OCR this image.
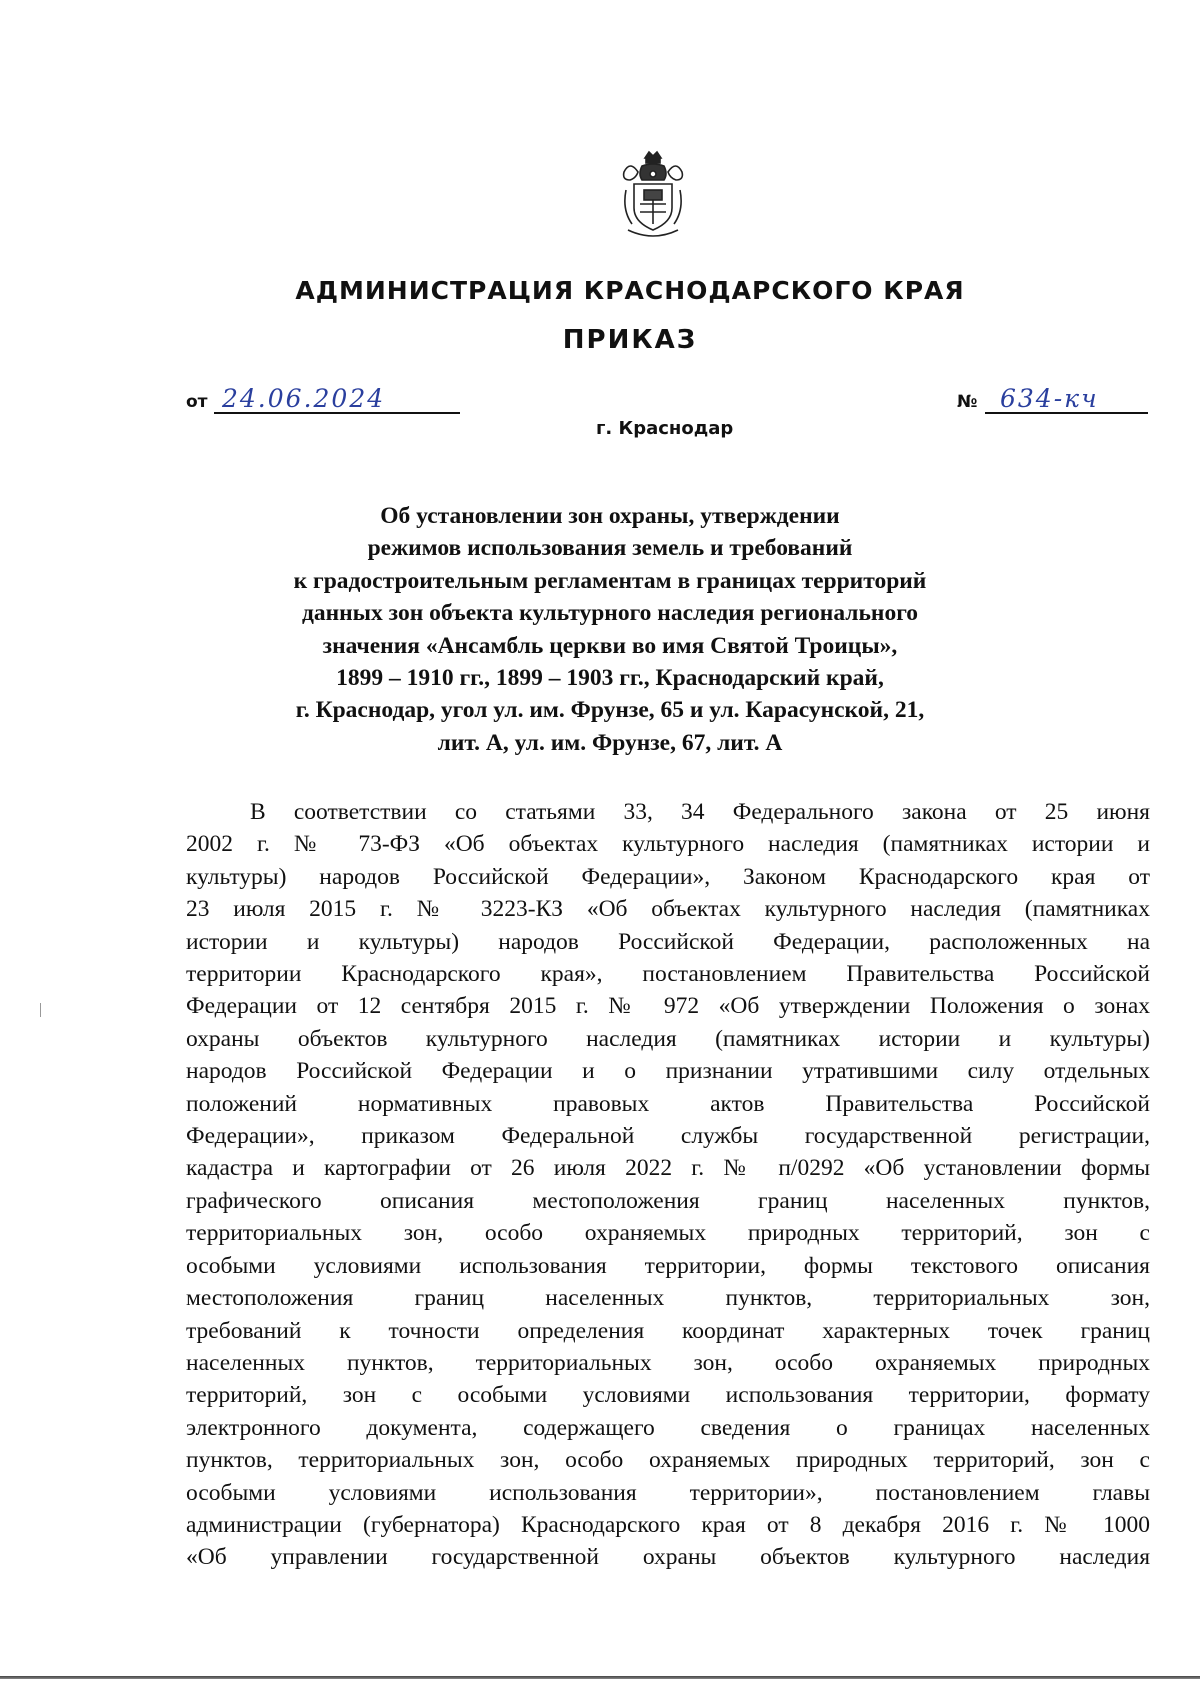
АДМИНИСТРАЦИЯ КРАСНОДАРСКОГО КРАЯ
ПРИКАЗ
от 24.06.2024	№ 634-кч
г. Краснодар
Об установлении зон охраны, утверждении
режимов использования земель и требований
к градостроительным регламентам в границах территорий
данных зон объекта культурного наследия регионального
значения «Ансамбль церкви во имя Святой Троицы»,
1899 – 1910 гг., 1899 – 1903 гг., Краснодарский край,
г. Краснодар, угол ул. им. Фрунзе, 65 и ул. Карасунской, 21,
лит. А, ул. им. Фрунзе, 67, лит. А
В соответствии со статьями 33, 34 Федерального закона от 25 июня
2002 г. № 73-ФЗ «Об объектах культурного наследия (памятниках истории и
культуры) народов Российской Федерации», Законом Краснодарского края от
23 июля 2015 г. № 3223-КЗ «Об объектах культурного наследия (памятниках
истории и культуры) народов Российской Федерации, расположенных на
территории Краснодарского края», постановлением Правительства Российской
Федерации от 12 сентября 2015 г. № 972 «Об утверждении Положения о зонах
охраны объектов культурного наследия (памятниках истории и культуры)
народов Российской Федерации и о признании утратившими силу отдельных
положений нормативных правовых актов Правительства Российской
Федерации», приказом Федеральной службы государственной регистрации,
кадастра и картографии от 26 июля 2022 г. № п/0292 «Об установлении формы
графического описания местоположения границ населенных пунктов,
территориальных зон, особо охраняемых природных территорий, зон с
особыми условиями использования территории, формы текстового описания
местоположения границ населенных пунктов, территориальных зон,
требований к точности определения координат характерных точек границ
населенных пунктов, территориальных зон, особо охраняемых природных
территорий, зон с особыми условиями использования территории, формату
электронного документа, содержащего сведения о границах населенных
пунктов, территориальных зон, особо охраняемых природных территорий, зон с
особыми условиями использования территории», постановлением главы
администрации (губернатора) Краснодарского края от 8 декабря 2016 г. № 1000
«Об управлении государственной охраны объектов культурного наследия
